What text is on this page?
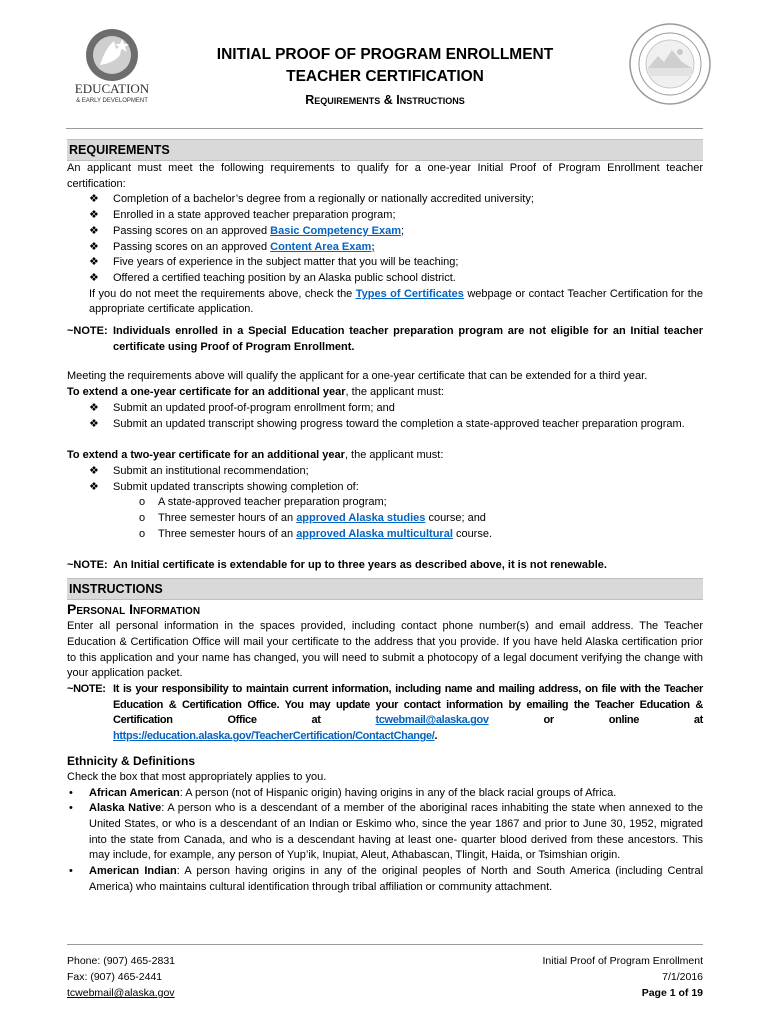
EDUCATION
& EARLY DEVELOPMENT
INITIAL PROOF OF PROGRAM ENROLLMENT
TEACHER CERTIFICATION
Requirements & Instructions
REQUIREMENTS

An applicant must meet the following requirements to qualify for a one-year Initial Proof of Program Enrollment teacher certification:

❖ Completion of a bachelor’s degree from a regionally or nationally accredited university;
❖ Enrolled in a state approved teacher preparation program;
❖ Passing scores on an approved Basic Competency Exam;
❖ Passing scores on an approved Content Area Exam;
❖ Five years of experience in the subject matter that you will be teaching;
❖ Offered a certified teaching position by an Alaska public school district.

If you do not meet the requirements above, check the Types of Certificates webpage or contact Teacher Certification for the appropriate certificate application.

~NOTE: Individuals enrolled in a Special Education teacher preparation program are not eligible for an Initial teacher certificate using Proof of Program Enrollment.

Meeting the requirements above will qualify the applicant for a one-year certificate that can be extended for a third year.

To extend a one-year certificate for an additional year, the applicant must:

❖ Submit an updated proof-of-program enrollment form; and
❖ Submit an updated transcript showing progress toward the completion a state-approved teacher preparation program.

To extend a two-year certificate for an additional year, the applicant must:

❖ Submit an institutional recommendation;
❖ Submit updated transcripts showing completion of:
o A state-approved teacher preparation program;
o Three semester hours of an approved Alaska studies course; and
o Three semester hours of an approved Alaska multicultural course.
~NOTE: An Initial certificate is extendable for up to three years as described above, it is not renewable.
INSTRUCTIONS
Personal Information

Enter all personal information in the spaces provided, including contact phone number(s) and email address. The Teacher Education & Certification Office will mail your certificate to the address that you provide. If you have held Alaska certification prior to this application and your name has changed, you will need to submit a photocopy of a legal document verifying the change with your application packet.

~NOTE: It is your responsibility to maintain current information, including name and mailing address, on file with the Teacher Education & Certification Office. You may update your contact information by emailing the Teacher Education & Certification Office at tcwebmail@alaska.gov or online at https://education.alaska.gov/TeacherCertification/ContactChange/.
Ethnicity & Definitions

Check the box that most appropriately applies to you.

• African American: A person (not of Hispanic origin) having origins in any of the black racial groups of Africa.
• Alaska Native: A person who is a descendant of a member of the aboriginal races inhabiting the state when annexed to the United States, or who is a descendant of an Indian or Eskimo who, since the year 1867 and prior to June 30, 1952, migrated into the state from Canada, and who is a descendant having at least one- quarter blood derived from these ancestors. This may include, for example, any person of Yup’ik, Inupiat, Aleut, Athabascan, Tlingit, Haida, or Tsimshian origin.
• American Indian: A person having origins in any of the original peoples of North and South America (including Central America) who maintains cultural identification through tribal affiliation or community attachment.
Phone: (907) 465-2831
Fax: (907) 465-2441
tcwebmail@alaska.gov
Initial Proof of Program Enrollment
7/1/2016
Page 1 of 19
